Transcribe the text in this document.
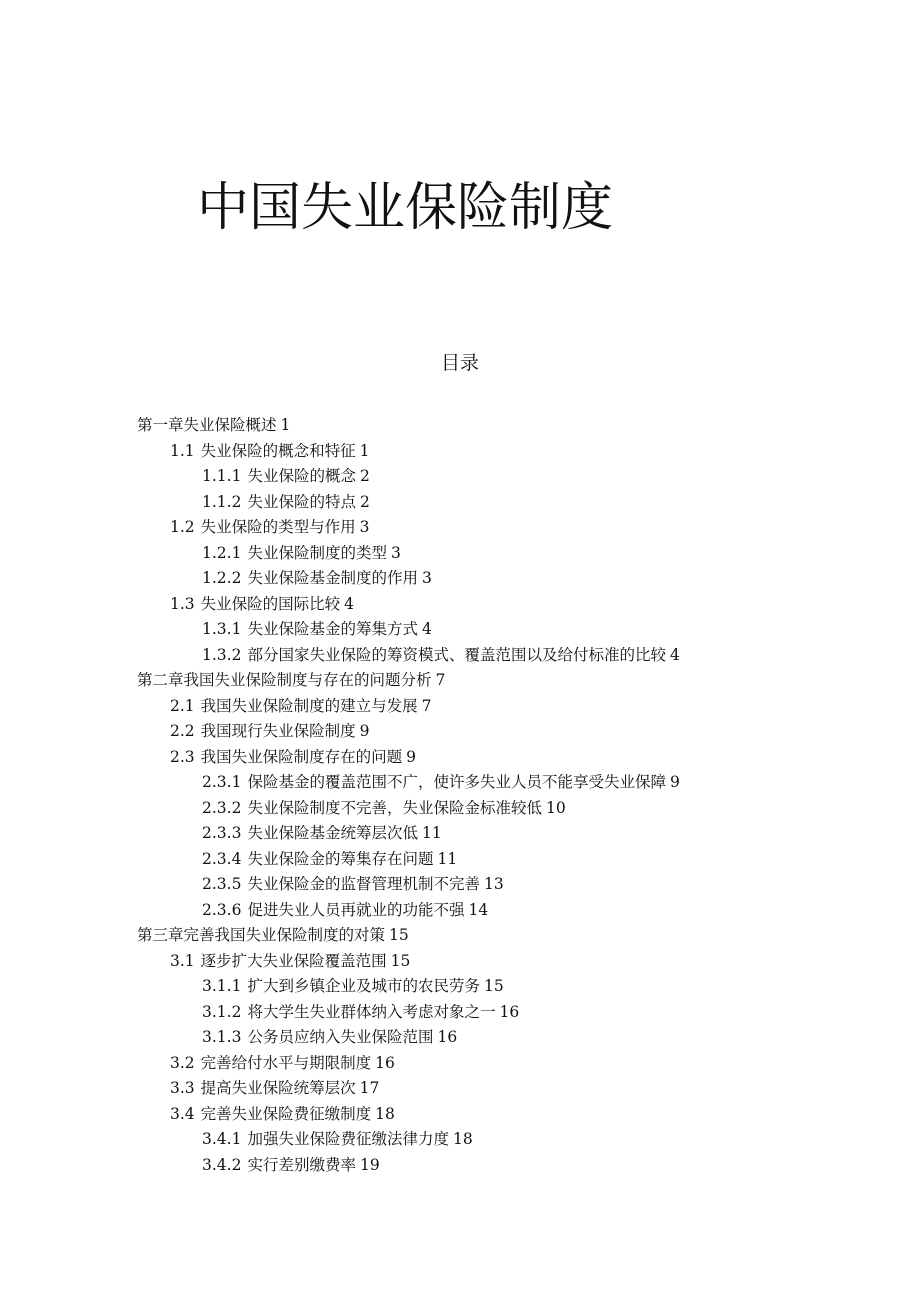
中国失业保险制度
目录
第一章失业保险概述 1
1.1 失业保险的概念和特征 1
1.1.1 失业保险的概念 2
1.1.2 失业保险的特点 2
1.2 失业保险的类型与作用 3
1.2.1 失业保险制度的类型 3
1.2.2 失业保险基金制度的作用 3
1.3 失业保险的国际比较 4
1.3.1 失业保险基金的筹集方式 4
1.3.2 部分国家失业保险的筹资模式、覆盖范围以及给付标准的比较 4
第二章我国失业保险制度与存在的问题分析 7
2.1 我国失业保险制度的建立与发展 7
2.2 我国现行失业保险制度 9
2.3 我国失业保险制度存在的问题 9
2.3.1 保险基金的覆盖范围不广，使许多失业人员不能享受失业保障 9
2.3.2 失业保险制度不完善，失业保险金标准较低 10
2.3.3 失业保险基金统筹层次低 11
2.3.4 失业保险金的筹集存在问题 11
2.3.5 失业保险金的监督管理机制不完善 13
2.3.6 促进失业人员再就业的功能不强 14
第三章完善我国失业保险制度的对策 15
3.1 逐步扩大失业保险覆盖范围 15
3.1.1 扩大到乡镇企业及城市的农民劳务 15
3.1.2 将大学生失业群体纳入考虑对象之一 16
3.1.3 公务员应纳入失业保险范围 16
3.2 完善给付水平与期限制度 16
3.3 提高失业保险统筹层次 17
3.4 完善失业保险费征缴制度 18
3.4.1 加强失业保险费征缴法律力度 18
3.4.2 实行差别缴费率 19
